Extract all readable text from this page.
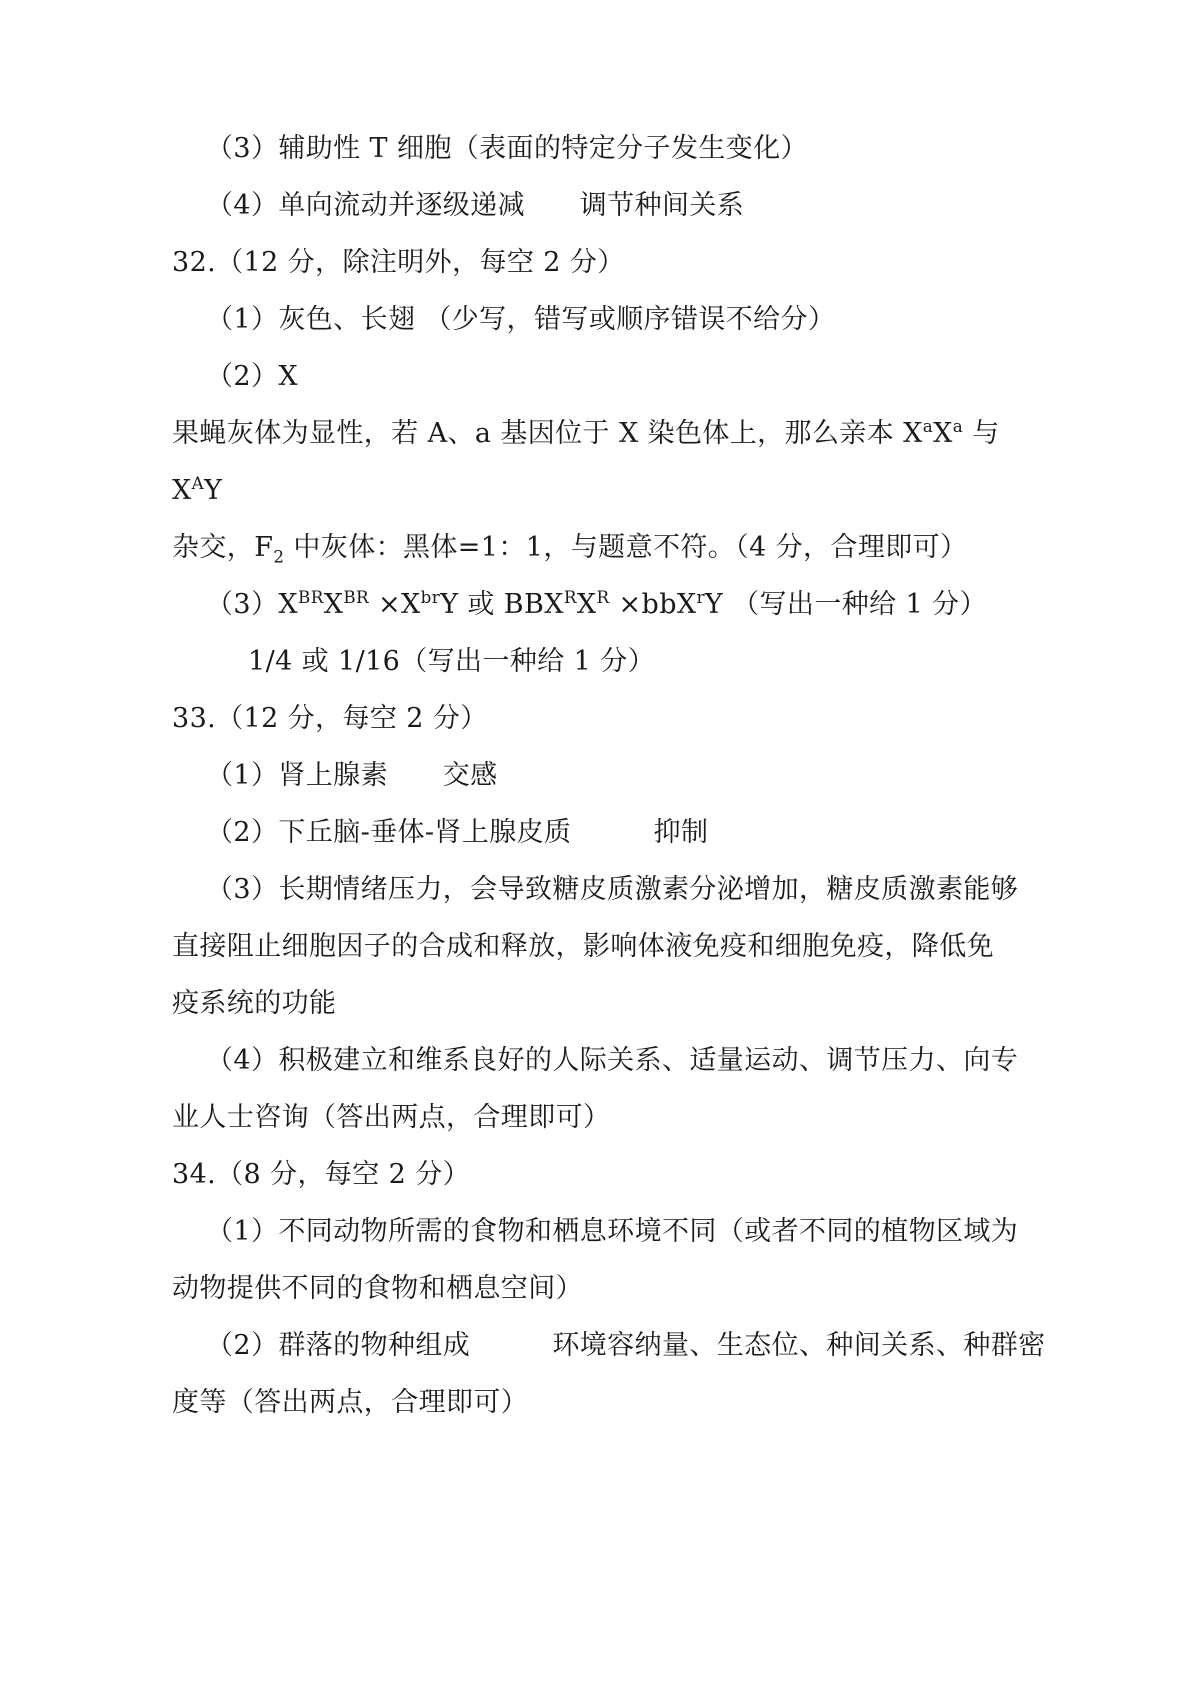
（3）辅助性 T 细胞（表面的特定分子发生变化）
（4）单向流动并逐级递减　　调节种间关系
32.（12 分，除注明外，每空 2 分）
（1）灰色、长翅 （少写，错写或顺序错误不给分）
（2）X
果蝇灰体为显性，若 A、a 基因位于 X 染色体上，那么亲本 $X^aX^a$ 与 $X^AY$
杂交，$F_2$ 中灰体：黑体=1：1，与题意不符。（4 分，合理即可）
$(3)X^{BR}X^{BR} \times X^{br}Y$ 或 $BBX^RX^R \times bbX^rY$ （写出一种给 1 分）
1/4 或 1/16（写出一种给 1 分）
33.（12 分，每空 2 分）
（1）肾上腺素　　交感
（2）下丘脑-垂体-肾上腺皮质　　　抑制
（3）长期情绪压力，会导致糖皮质激素分泌增加，糖皮质激素能够
直接阻止细胞因子的合成和释放，影响体液免疫和细胞免疫，降低免
疫系统的功能
（4）积极建立和维系良好的人际关系、适量运动、调节压力、向专
业人士咨询（答出两点，合理即可）
34.（8 分，每空 2 分）
（1）不同动物所需的食物和栖息环境不同（或者不同的植物区域为
动物提供不同的食物和栖息空间）
（2）群落的物种组成　　　环境容纳量、生态位、种间关系、种群密
度等（答出两点，合理即可）
